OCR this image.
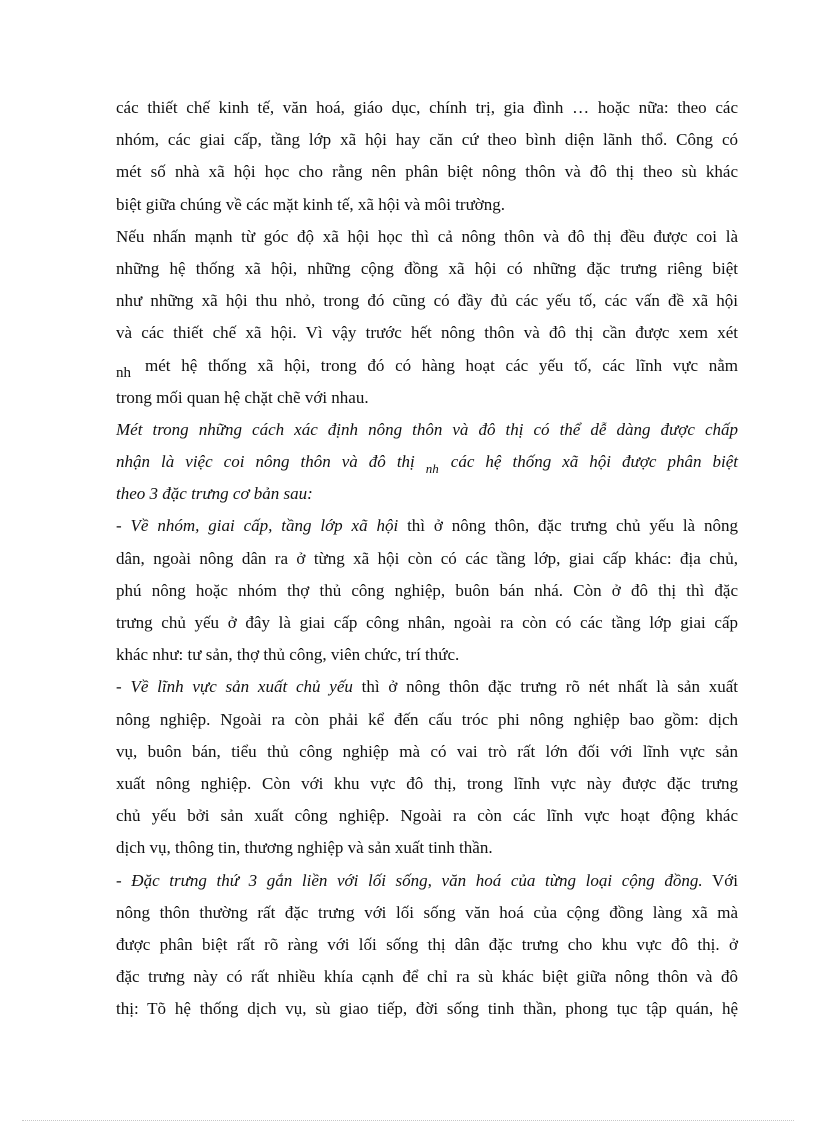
các thiết chế kinh tế, văn hoá, giáo dục, chính trị, gia đình … hoặc nữa: theo các
nhóm, các giai cấp, tầng lớp xã hội hay căn cứ theo bình diện lãnh thổ. Công có
mét số nhà xã hội học cho rằng nên phân biệt nông thôn và đô thị theo sù khác
biệt giữa chúng về các mặt kinh tế, xã hội và môi trường.
Nếu nhấn mạnh từ góc độ xã hội học thì cả nông thôn và đô thị đều được coi là
những hệ thống xã hội, những cộng đồng xã hội có những đặc trưng riêng biệt
như những xã hội thu nhỏ, trong đó cũng có đầy đủ các yếu tố, các vấn đề xã hội
và các thiết chế xã hội. Vì vậy trước hết nông thôn và đô thị cần được xem xét
nh mét hệ thống xã hội, trong đó có hàng hoạt các yếu tố, các lĩnh vực nằm
trong mối quan hệ chặt chẽ với nhau.
Mét trong những cách xác định nông thôn và đô thị có thể dễ dàng được chấp
nhận là việc coi nông thôn và đô thị nh các hệ thống xã hội được phân biệt
theo 3 đặc trưng cơ bản sau:
- Về nhóm, giai cấp, tầng lớp xã hội thì ở nông thôn, đặc trưng chủ yếu là nông
dân, ngoài nông dân ra ở từng xã hội còn có các tầng lớp, giai cấp khác: địa chủ,
phú nông hoặc nhóm thợ thủ công nghiệp, buôn bán nhá. Còn ở đô thị thì đặc
trưng chủ yếu ở đây là giai cấp công nhân, ngoài ra còn có các tầng lớp giai cấp
khác như: tư sản, thợ thủ công, viên chức, trí thức.
- Về lĩnh vực sản xuất chủ yếu thì ở nông thôn đặc trưng rõ nét nhất là sản xuất
nông nghiệp. Ngoài ra còn phải kể đến cấu tróc phi nông nghiệp bao gồm: dịch
vụ, buôn bán, tiểu thủ công nghiệp mà có vai trò rất lớn đối với lĩnh vực sản
xuất nông nghiệp. Còn với khu vực đô thị, trong lĩnh vực này được đặc trưng
chủ yếu bởi sản xuất công nghiệp. Ngoài ra còn các lĩnh vực hoạt động khác
dịch vụ, thông tin, thương nghiệp và sản xuất tinh thần.
- Đặc trưng thứ 3 gắn liền với lối sống, văn hoá của từng loại cộng đồng. Với
nông thôn thường rất đặc trưng với lối sống văn hoá của cộng đồng làng xã mà
được phân biệt rất rõ ràng với lối sống thị dân đặc trưng cho khu vực đô thị. ở
đặc trưng này có rất nhiều khía cạnh để chỉ ra sù khác biệt giữa nông thôn và đô
thị: Tõ hệ thống dịch vụ, sù giao tiếp, đời sống tinh thần, phong tục tập quán, hệ
